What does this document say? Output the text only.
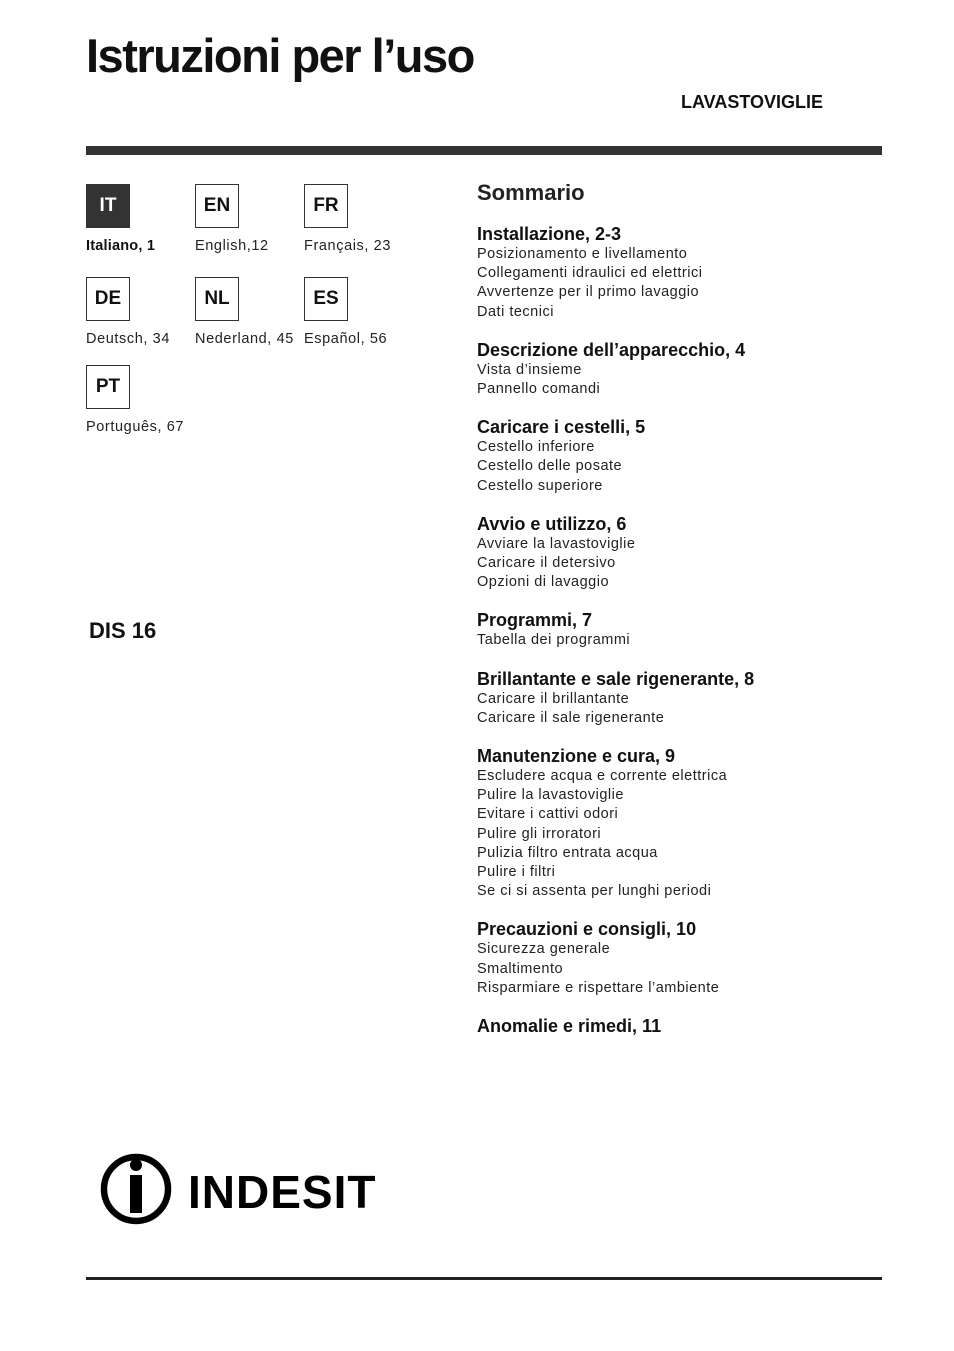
Istruzioni per l’uso
LAVASTOVIGLIE
IT
Italiano, 1
EN
English,12
FR
Français, 23
DE
Deutsch, 34
NL
Nederland, 45
ES
Español, 56
PT
Português, 67
DIS 16
Sommario
Installazione, 2-3
Posizionamento e livellamento
Collegamenti idraulici ed elettrici
Avvertenze per il primo lavaggio
Dati tecnici
Descrizione dell’apparecchio, 4
Vista d’insieme
Pannello comandi
Caricare i cestelli, 5
Cestello inferiore
Cestello delle posate
Cestello superiore
Avvio e utilizzo, 6
Avviare la lavastoviglie
Caricare il detersivo
Opzioni di lavaggio
Programmi, 7
Tabella dei programmi
Brillantante e sale rigenerante, 8
Caricare il brillantante
Caricare il sale rigenerante
Manutenzione e cura, 9
Escludere acqua e corrente elettrica
Pulire la lavastoviglie
Evitare i cattivi odori
Pulire gli irroratori
Pulizia filtro entrata acqua
Pulire i filtri
Se ci si assenta per lunghi periodi
Precauzioni e consigli, 10
Sicurezza generale
Smaltimento
Risparmiare e rispettare l’ambiente
Anomalie e rimedi, 11
INDESIT
